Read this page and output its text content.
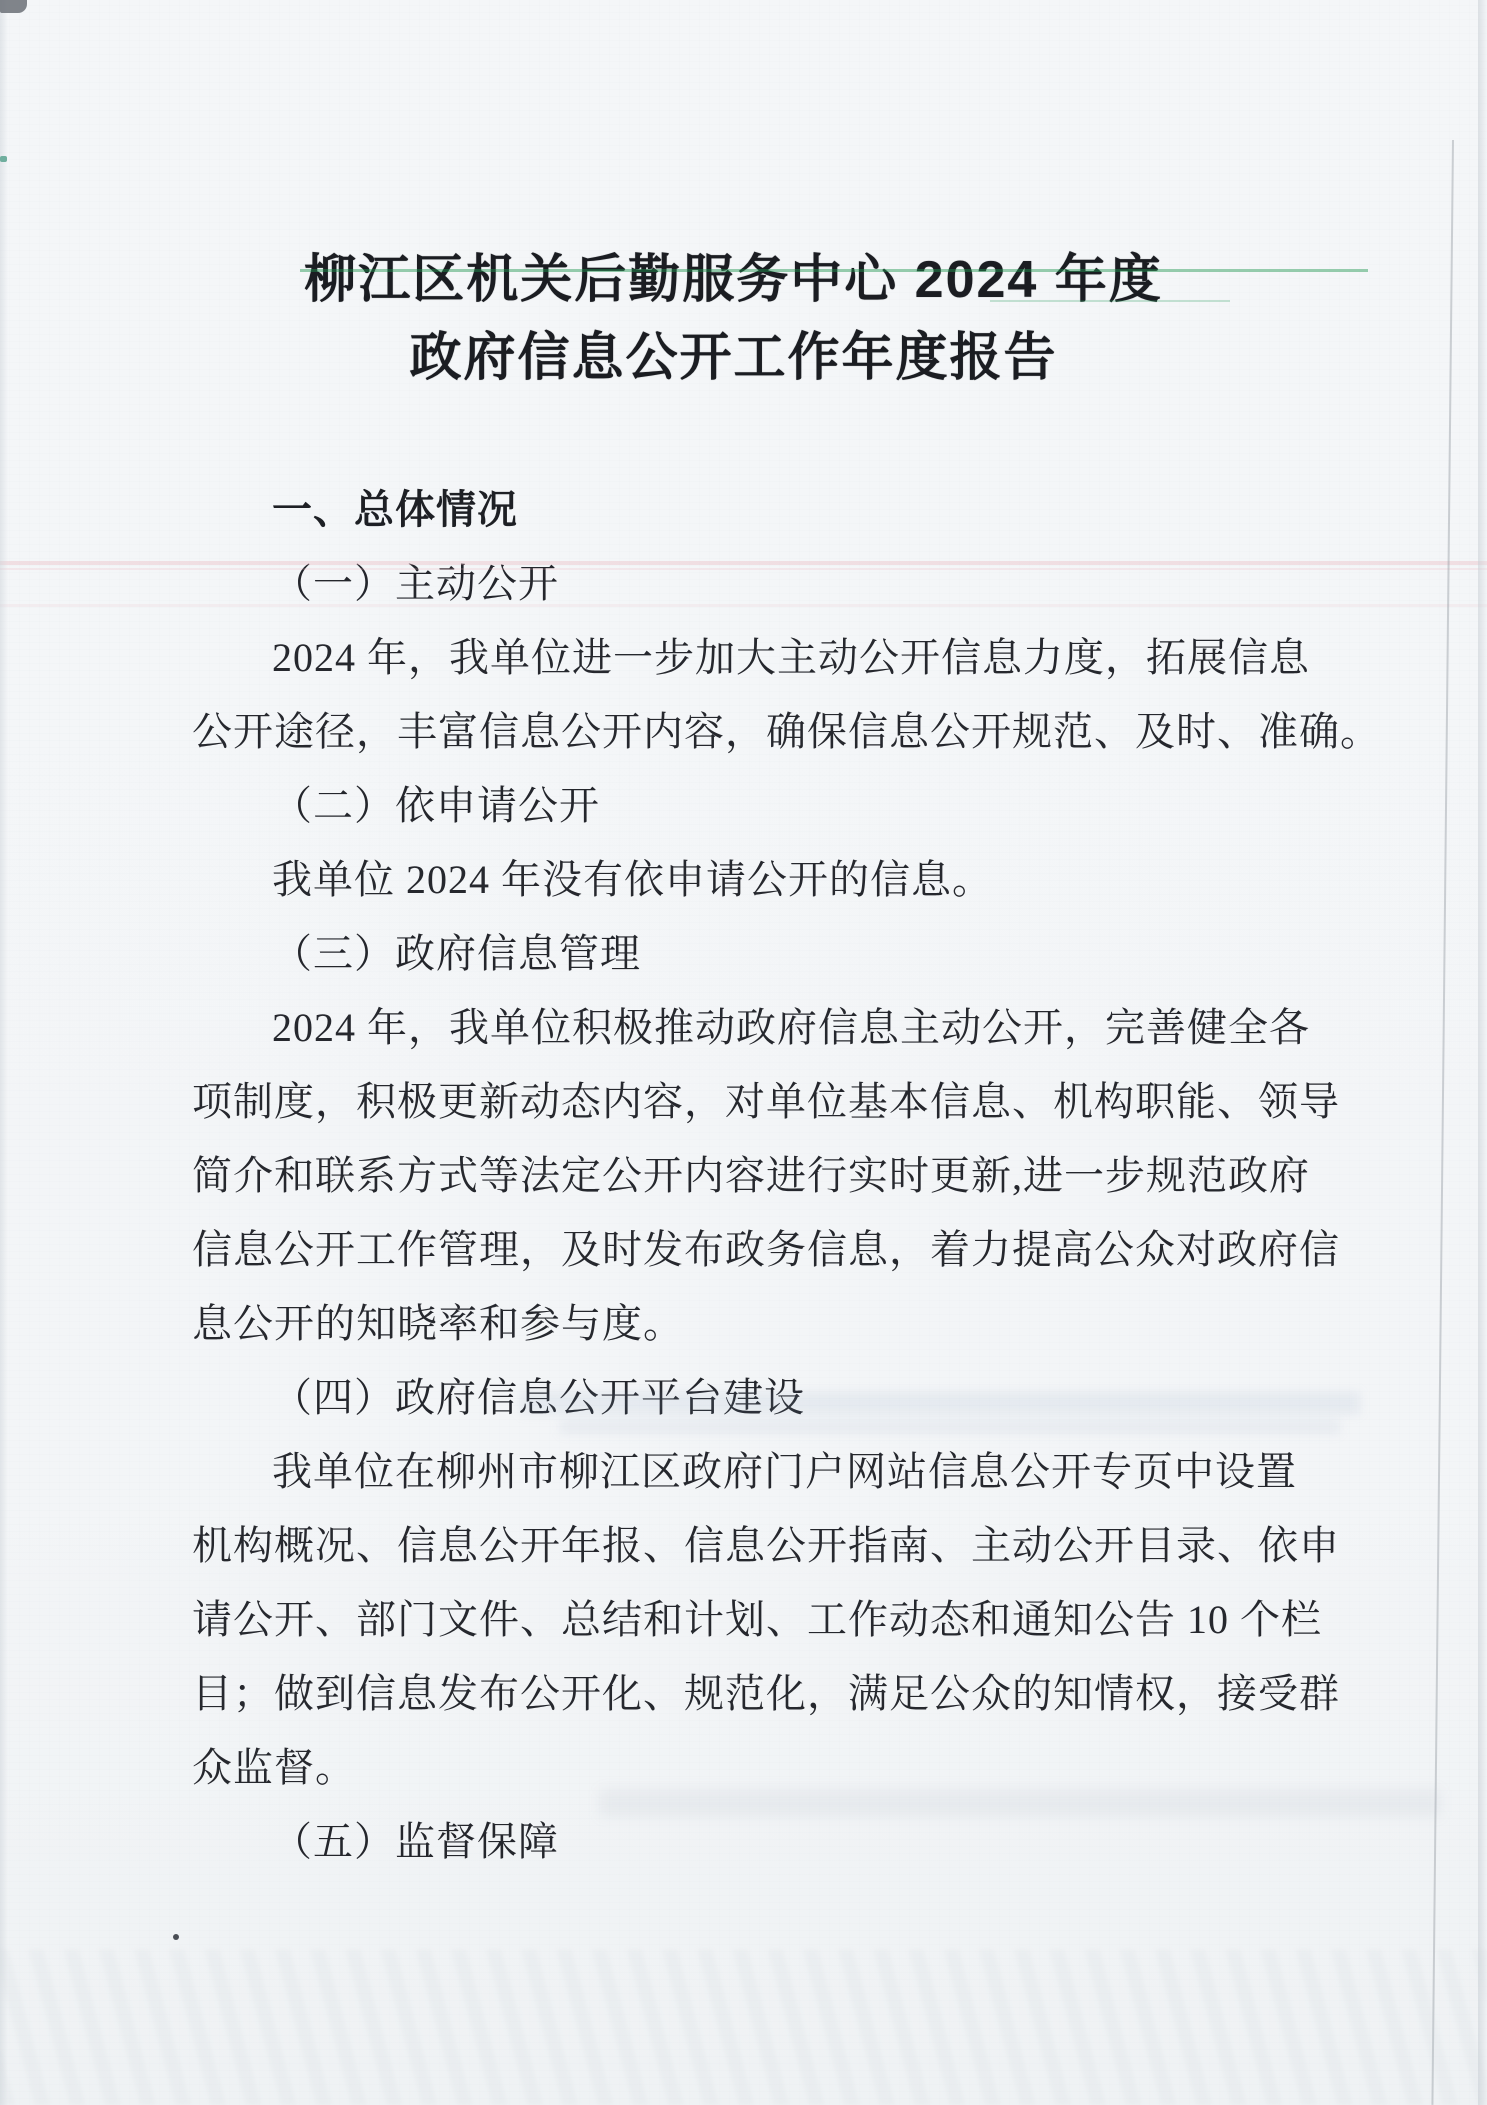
柳江区机关后勤服务中心 2024 年度
政府信息公开工作年度报告

一、总体情况

（一）主动公开

2024 年，我单位进一步加大主动公开信息力度，拓展信息

公开途径，丰富信息公开内容，确保信息公开规范、及时、准确。

（二）依申请公开

我单位 2024 年没有依申请公开的信息。

（三）政府信息管理

2024 年，我单位积极推动政府信息主动公开，完善健全各

项制度，积极更新动态内容，对单位基本信息、机构职能、领导

简介和联系方式等法定公开内容进行实时更新,进一步规范政府

信息公开工作管理，及时发布政务信息，着力提高公众对政府信

息公开的知晓率和参与度。

（四）政府信息公开平台建设

我单位在柳州市柳江区政府门户网站信息公开专页中设置

机构概况、信息公开年报、信息公开指南、主动公开目录、依申

请公开、部门文件、总结和计划、工作动态和通知公告 10 个栏

目；做到信息发布公开化、规范化，满足公众的知情权，接受群

众监督。

（五）监督保障
